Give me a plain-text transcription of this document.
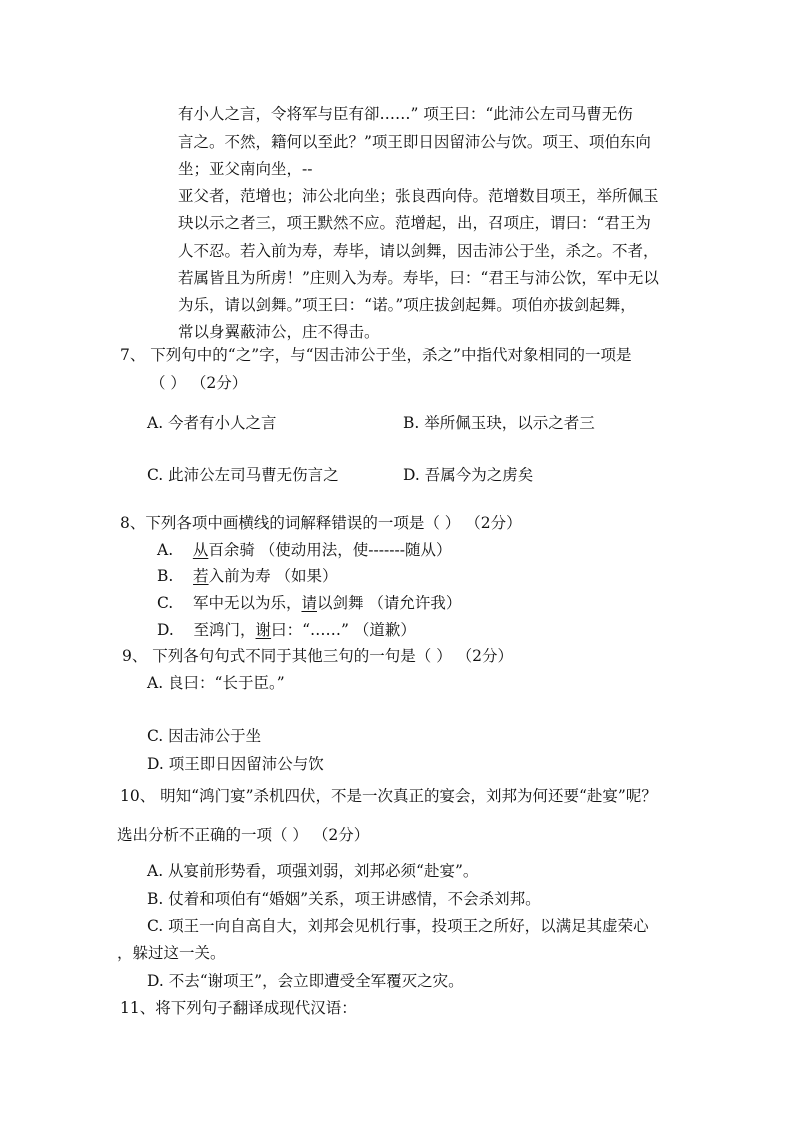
有小人之言，令将军与臣有卻……” 项王曰：“此沛公左司马曹无伤
言之。不然，籍何以至此？”项王即日因留沛公与饮。项王、项伯东向
坐；亚父南向坐，--
亚父者，范增也；沛公北向坐；张良西向侍。范增数目项王，举所佩玉
玦以示之者三，项王默然不应。范增起，出，召项庄，谓曰：“君王为
人不忍。若入前为寿，寿毕，请以剑舞，因击沛公于坐，杀之。不者，
若属皆且为所虏！”庄则入为寿。寿毕，曰：“君王与沛公饮，军中无以
为乐，请以剑舞。”项王曰：“诺。”项庄拔剑起舞。项伯亦拔剑起舞，
常以身翼蔽沛公，庄不得击。
7、 下列句中的“之”字，与“因击沛公于坐，杀之”中指代对象相同的一项是
（ ） （2分）
A. 今者有小人之言	B. 举所佩玉玦，以示之者三
C. 此沛公左司马曹无伤言之	D. 吾属今为之虏矣
8、下列各项中画横线的词解释错误的一项是（ ） （2分）
A. 从百余骑 （使动用法，使-------随从）
B. 若入前为寿 （如果）
C. 军中无以为乐，请以剑舞 （请允许我）
D. 至鸿门，谢曰：“……” （道歉）
9、 下列各句句式不同于其他三句的一句是（ ） （2分）
A. 良曰：“长于臣。”
C. 因击沛公于坐
D. 项王即日因留沛公与饮
10、 明知“鸿门宴”杀机四伏，不是一次真正的宴会，刘邦为何还要“赴宴”呢？
选出分析不正确的一项（ ） （2分）
A. 从宴前形势看，项强刘弱，刘邦必须“赴宴”。
B. 仗着和项伯有“婚姻”关系，项王讲感情，不会杀刘邦。
C. 项王一向自高自大，刘邦会见机行事，投项王之所好，以满足其虚荣心
，躲过这一关。
D. 不去“谢项王”，会立即遭受全军覆灭之灾。
11、将下列句子翻译成现代汉语：
